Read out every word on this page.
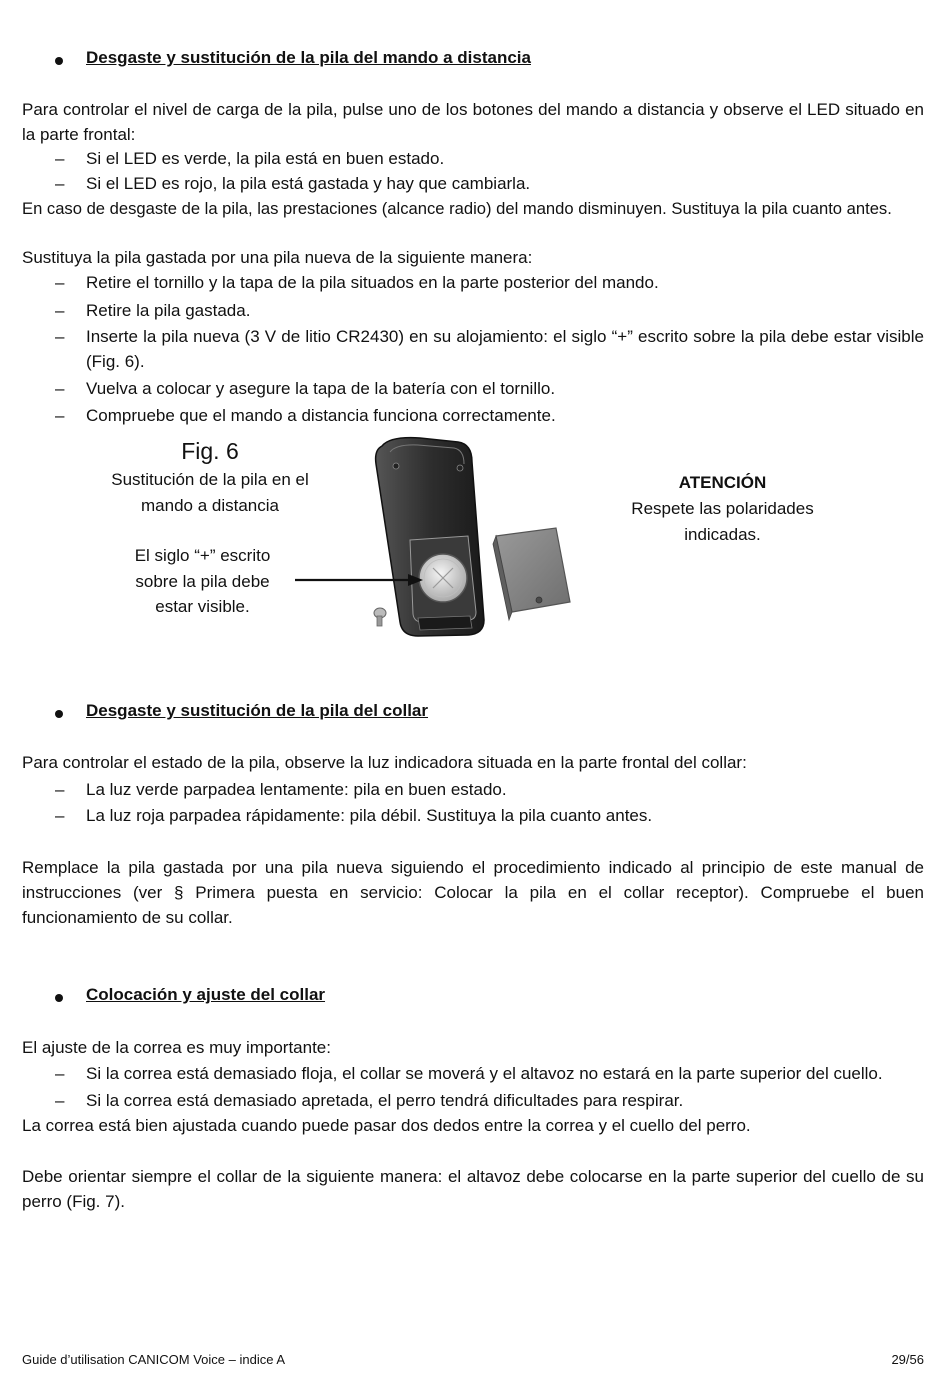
Desgaste y sustitución de la pila del mando a distancia
Para controlar el nivel de carga de la pila, pulse uno de los botones del mando a distancia y observe el LED situado en la parte frontal:
– Si el LED es verde, la pila está en buen estado.
– Si el LED es rojo, la pila está gastada y hay que cambiarla.
En caso de desgaste de la pila, las prestaciones (alcance radio) del mando disminuyen. Sustituya la pila cuanto antes.
Sustituya la pila gastada por una pila nueva de la siguiente manera:
– Retire el tornillo y la tapa de la pila situados en la parte posterior del mando.
– Retire la pila gastada.
– Inserte la pila nueva (3 V de litio CR2430) en su alojamiento: el siglo “+” escrito sobre la pila debe estar visible (Fig. 6).
– Vuelva a colocar y asegure la tapa de la batería con el tornillo.
– Compruebe que el mando a distancia funciona correctamente.
Fig. 6
Sustitución de la pila en el
mando a distancia
El siglo “+” escrito
sobre la pila debe
estar visible.
ATENCIÓN
Respete las polaridades
indicadas.
Desgaste y sustitución de la pila del collar
Para controlar el estado de la pila, observe la luz indicadora situada en la parte frontal del collar:
– La luz verde parpadea lentamente: pila en buen estado.
– La luz roja parpadea rápidamente: pila débil. Sustituya la pila cuanto antes.
Remplace la pila gastada por una pila nueva siguiendo el procedimiento indicado al principio de este manual de instrucciones (ver § Primera puesta en servicio: Colocar la pila en el collar receptor). Compruebe el buen funcionamiento de su collar.
Colocación y ajuste del collar
El ajuste de la correa es muy importante:
– Si la correa está demasiado floja, el collar se moverá y el altavoz no estará en la parte superior del cuello.
– Si la correa está demasiado apretada, el perro tendrá dificultades para respirar.
La correa está bien ajustada cuando puede pasar dos dedos entre la correa y el cuello del perro.
Debe orientar siempre el collar de la siguiente manera: el altavoz debe colocarse en la parte superior del cuello de su perro (Fig. 7).
Guide d’utilisation CANICOM Voice – indice A	29/56
